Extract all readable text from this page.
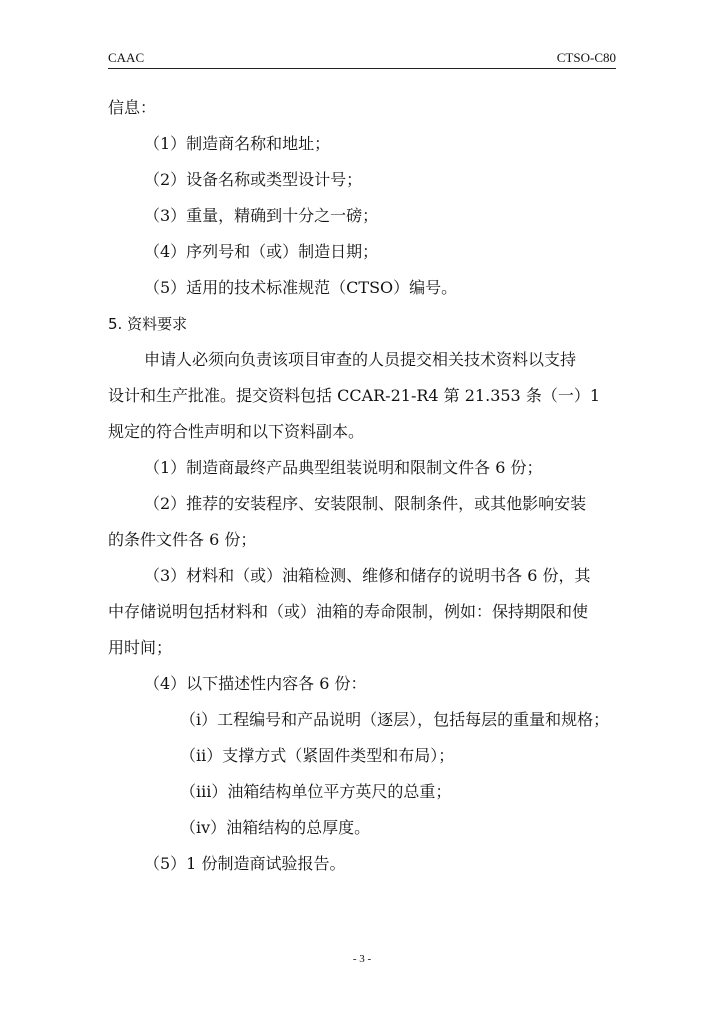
CAAC	CTSO-C80

信息：

（1）制造商名称和地址；

（2）设备名称或类型设计号；

（3）重量，精确到十分之一磅；

（4）序列号和（或）制造日期；

（5）适用的技术标准规范（CTSO）编号。

5. 资料要求

申请人必须向负责该项目审查的人员提交相关技术资料以支持

设计和生产批准。提交资料包括 CCAR-21-R4 第 21.353 条（一）1

规定的符合性声明和以下资料副本。

（1）制造商最终产品典型组装说明和限制文件各 6 份；

（2）推荐的安装程序、安装限制、限制条件，或其他影响安装

的条件文件各 6 份；

（3）材料和（或）油箱检测、维修和储存的说明书各 6 份，其

中存储说明包括材料和（或）油箱的寿命限制，例如：保持期限和使

用时间；

（4）以下描述性内容各 6 份：

（i）工程编号和产品说明（逐层），包括每层的重量和规格；

（ii）支撑方式（紧固件类型和布局）；

（iii）油箱结构单位平方英尺的总重；

（iv）油箱结构的总厚度。

（5）1 份制造商试验报告。

- 3 -
